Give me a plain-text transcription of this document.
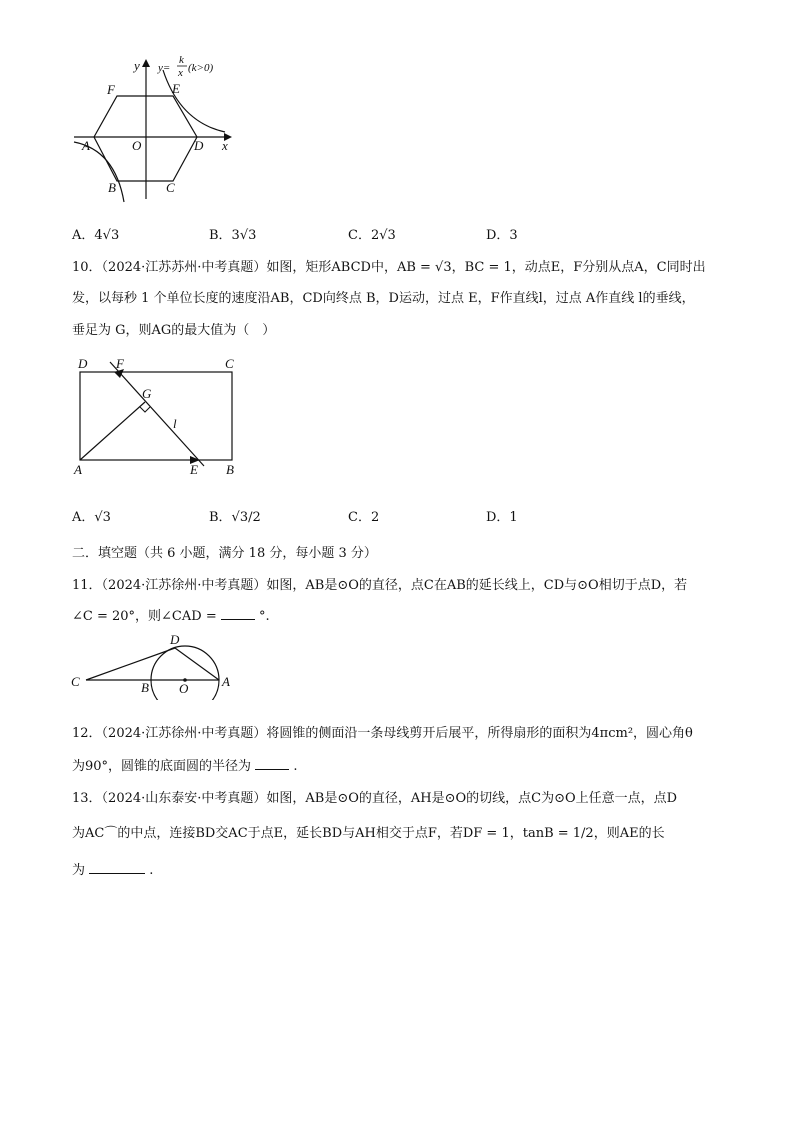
y
x
y=
k
x (k>0)
F	E
A	O	D
B	C
A．4√3	B．3√3	C．2√3	D．3
10．（2024·江苏苏州·中考真题）如图，矩形ABCD中，AB = √3，BC = 1，动点E，F分别从点A，C同时出
发，以每秒 1 个单位长度的速度沿AB，CD向终点 B，D运动，过点 E，F作直线l，过点 A作直线 l的垂线，
垂足为 G，则AG的最大值为（　）
D F	C
G
l
A	E B
A．√3	B．√3/2	C．2	D．1
二．填空题（共 6 小题，满分 18 分，每小题 3 分）
11．（2024·江苏徐州·中考真题）如图，AB是⊙O的直径，点C在AB的延长线上，CD与⊙O相切于点D，若
∠C = 20°，则∠CAD =	°.
C	B O
D
A
12．（2024·江苏徐州·中考真题）将圆锥的侧面沿一条母线剪开后展平，所得扇形的面积为4πcm²，圆心角θ
为90°，圆锥的底面圆的半径为	.
13．（2024·山东泰安·中考真题）如图，AB是⊙O的直径，AH是⊙O的切线，点C为⊙O上任意一点，点D
为AC⌒的中点，连接BD交AC于点E，延长BD与AH相交于点F，若DF = 1，tanB = 1/2，则AE的长
为	.
